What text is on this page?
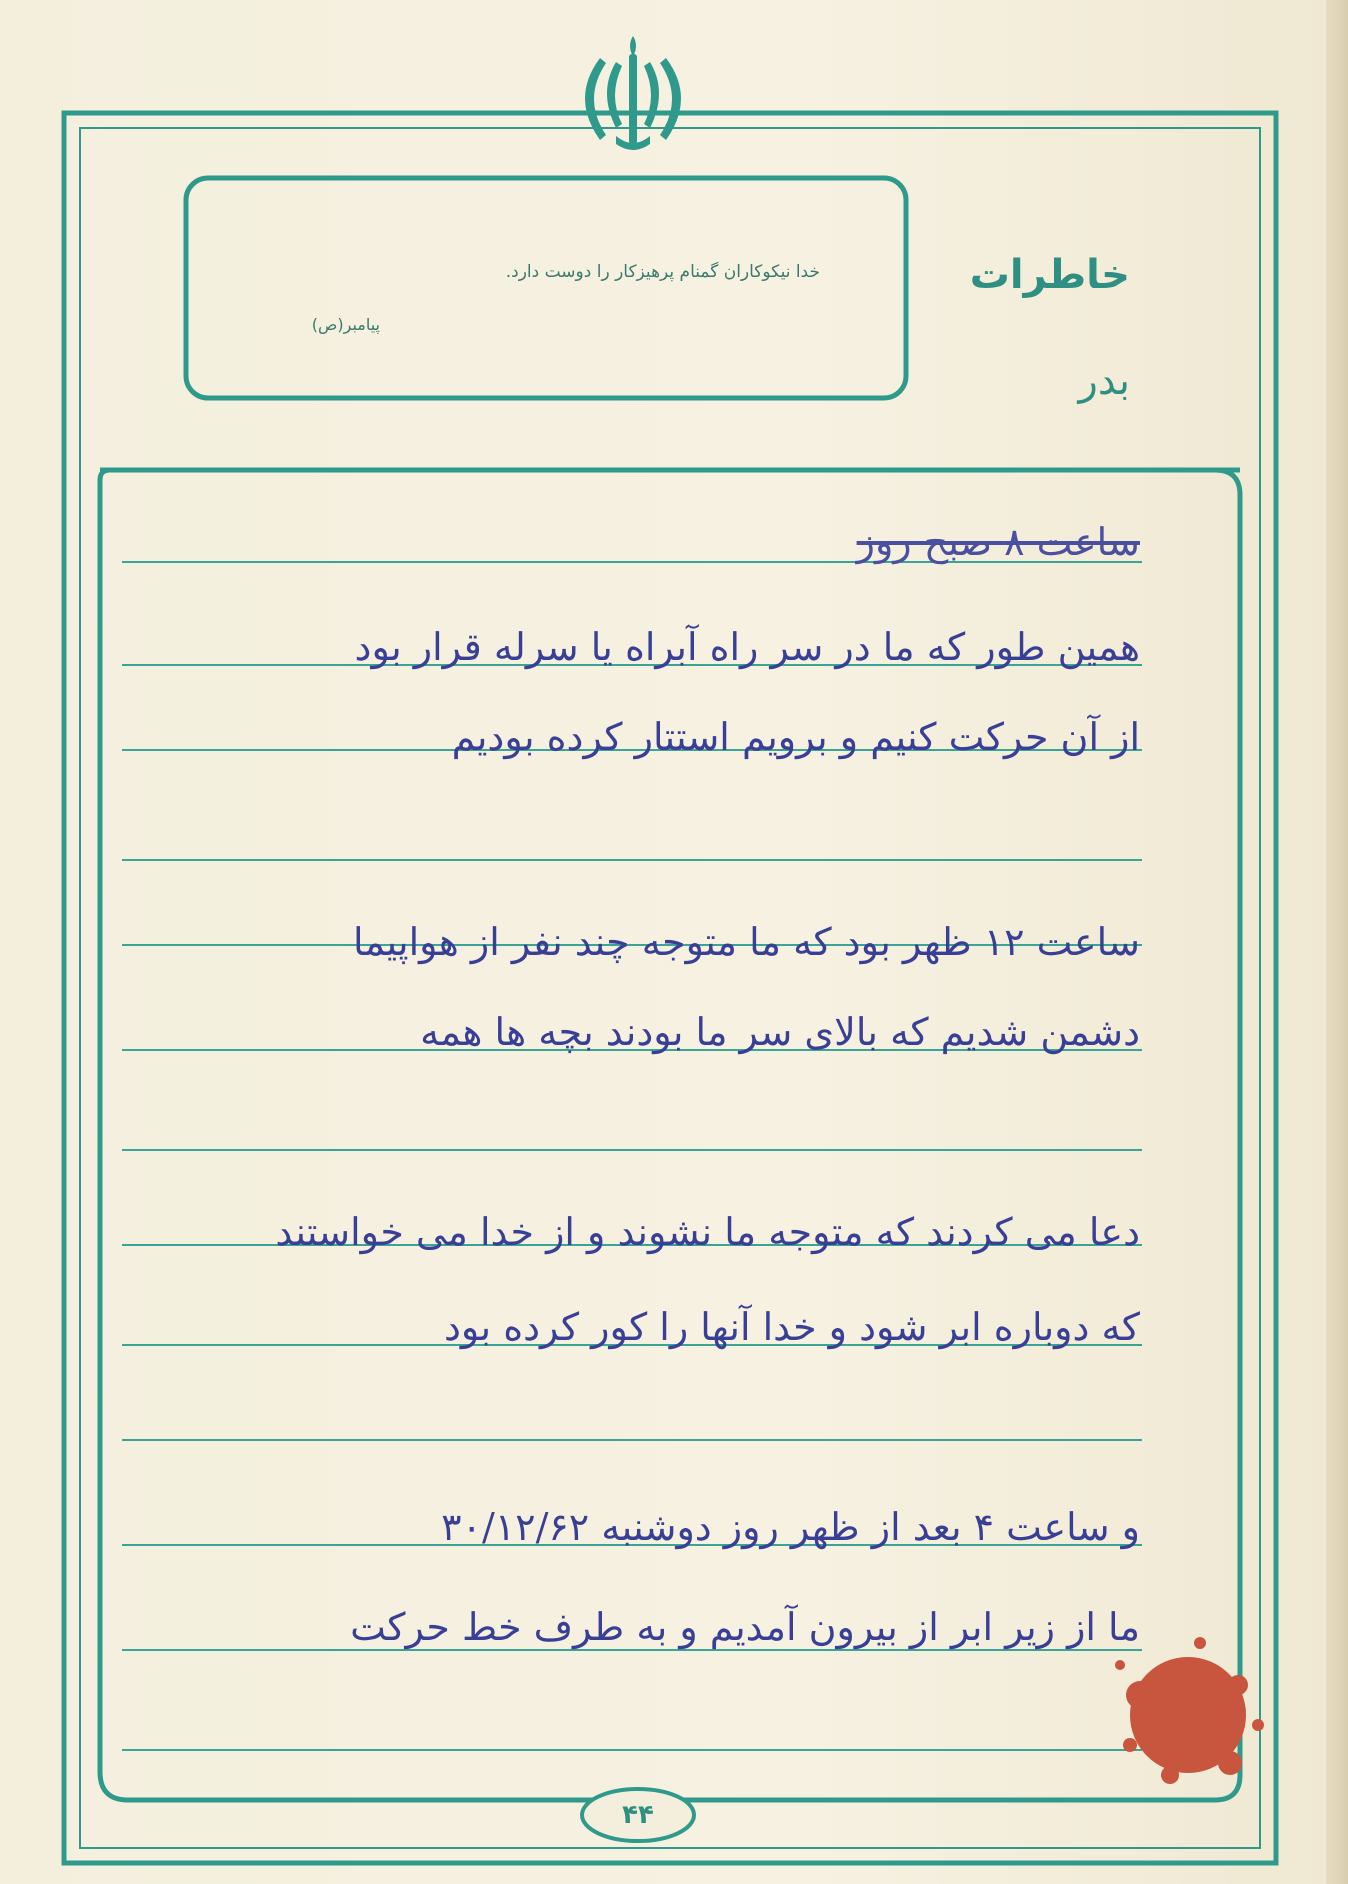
خدا نیکوکاران گمنام پرهیزکار را دوست دارد.
پیامبر(ص)
خاطرات
بدر
ساعت ۸ صبح روز
همین طور که ما در سر راه آبراه یا سرله قرار بود
از آن حرکت کنیم و برویم استتار کرده بودیم
ساعت ۱۲ ظهر بود که ما متوجه چند نفر از هواپیما
دشمن شدیم که بالای سر ما بودند بچه ها همه
دعا می کردند که متوجه ما نشوند و از خدا می خواستند
که دوباره ابر شود و خدا آنها را کور کرده بود
و ساعت ۴ بعد از ظهر روز دوشنبه ۳۰/۱۲/۶۲
ما از زیر ابر از بیرون آمدیم و به طرف خط حرکت
۴۴
